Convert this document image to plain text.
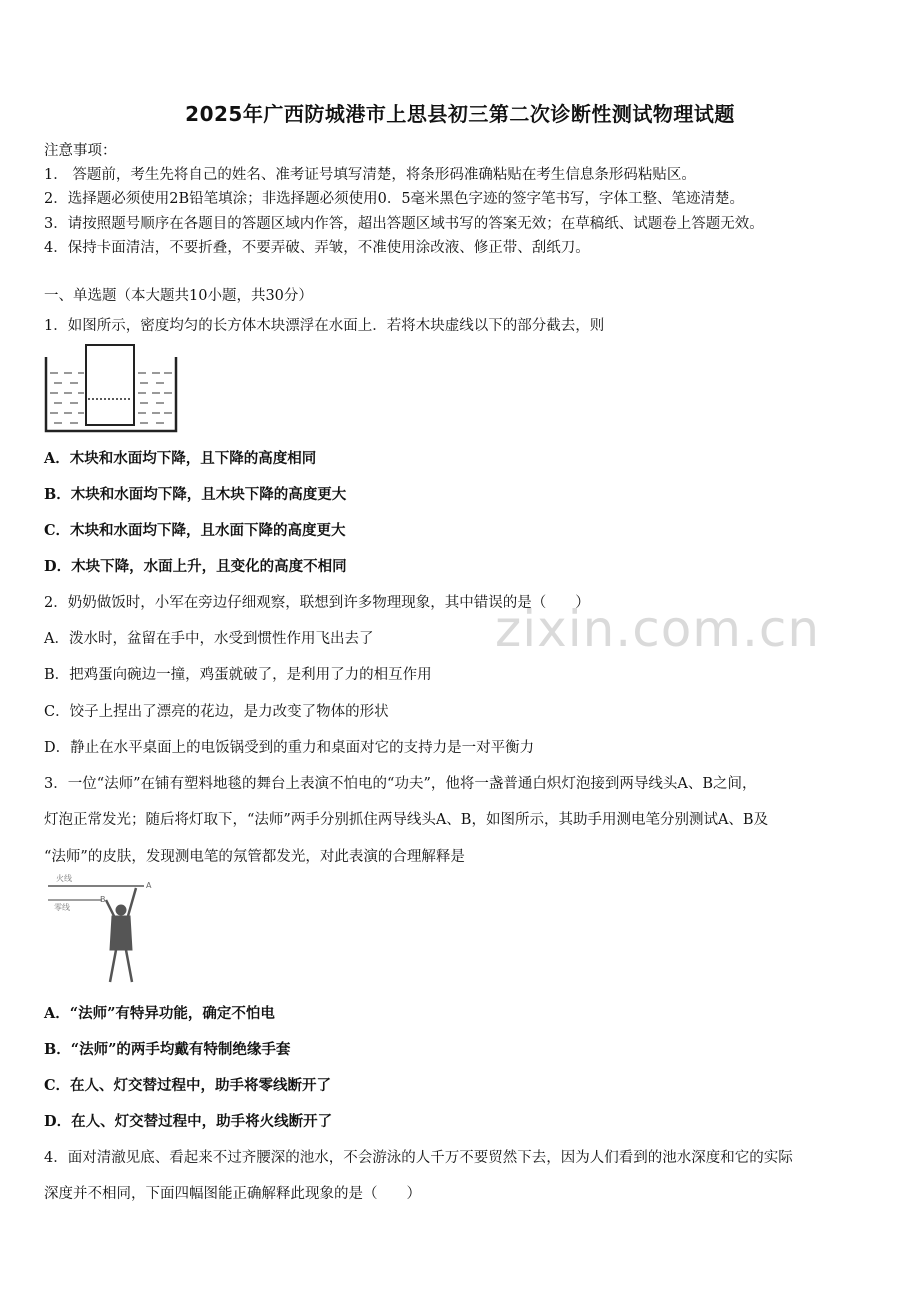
zixin.com.cn
2025年广西防城港市上思县初三第二次诊断性测试物理试题
注意事项：
1． 答题前，考生先将自己的姓名、准考证号填写清楚，将条形码准确粘贴在考生信息条形码粘贴区。
2．选择题必须使用2B铅笔填涂；非选择题必须使用0．5毫米黑色字迹的签字笔书写，字体工整、笔迹清楚。
3．请按照题号顺序在各题目的答题区域内作答，超出答题区域书写的答案无效；在草稿纸、试题卷上答题无效。
4．保持卡面清洁，不要折叠，不要弄破、弄皱，不准使用涂改液、修正带、刮纸刀。
一、单选题（本大题共10小题，共30分）
1．如图所示，密度均匀的长方体木块漂浮在水面上．若将木块虚线以下的部分截去，则
A．木块和水面均下降，且下降的高度相同
B．木块和水面均下降，且木块下降的高度更大
C．木块和水面均下降，且水面下降的高度更大
D．木块下降，水面上升，且变化的高度不相同
2．奶奶做饭时，小军在旁边仔细观察，联想到许多物理现象，其中错误的是（　　）
A．泼水时，盆留在手中，水受到惯性作用飞出去了
B．把鸡蛋向碗边一撞，鸡蛋就破了，是利用了力的相互作用
C．饺子上捏出了漂亮的花边，是力改变了物体的形状
D．静止在水平桌面上的电饭锅受到的重力和桌面对它的支持力是一对平衡力
3．一位“法师”在铺有塑料地毯的舞台上表演不怕电的“功夫”，他将一盏普通白炽灯泡接到两导线头A、B之间，
灯泡正常发光；随后将灯取下，“法师”两手分别抓住两导线头A、B，如图所示，其助手用测电笔分别测试A、B及
“法师”的皮肤，发现测电笔的氖管都发光，对此表演的合理解释是
火线
A
零线
B
A．“法师”有特异功能，确定不怕电
B．“法师”的两手均戴有特制绝缘手套
C．在人、灯交替过程中，助手将零线断开了
D．在人、灯交替过程中，助手将火线断开了
4．面对清澈见底、看起来不过齐腰深的池水，不会游泳的人千万不要贸然下去，因为人们看到的池水深度和它的实际
深度并不相同，下面四幅图能正确解释此现象的是（　　）
